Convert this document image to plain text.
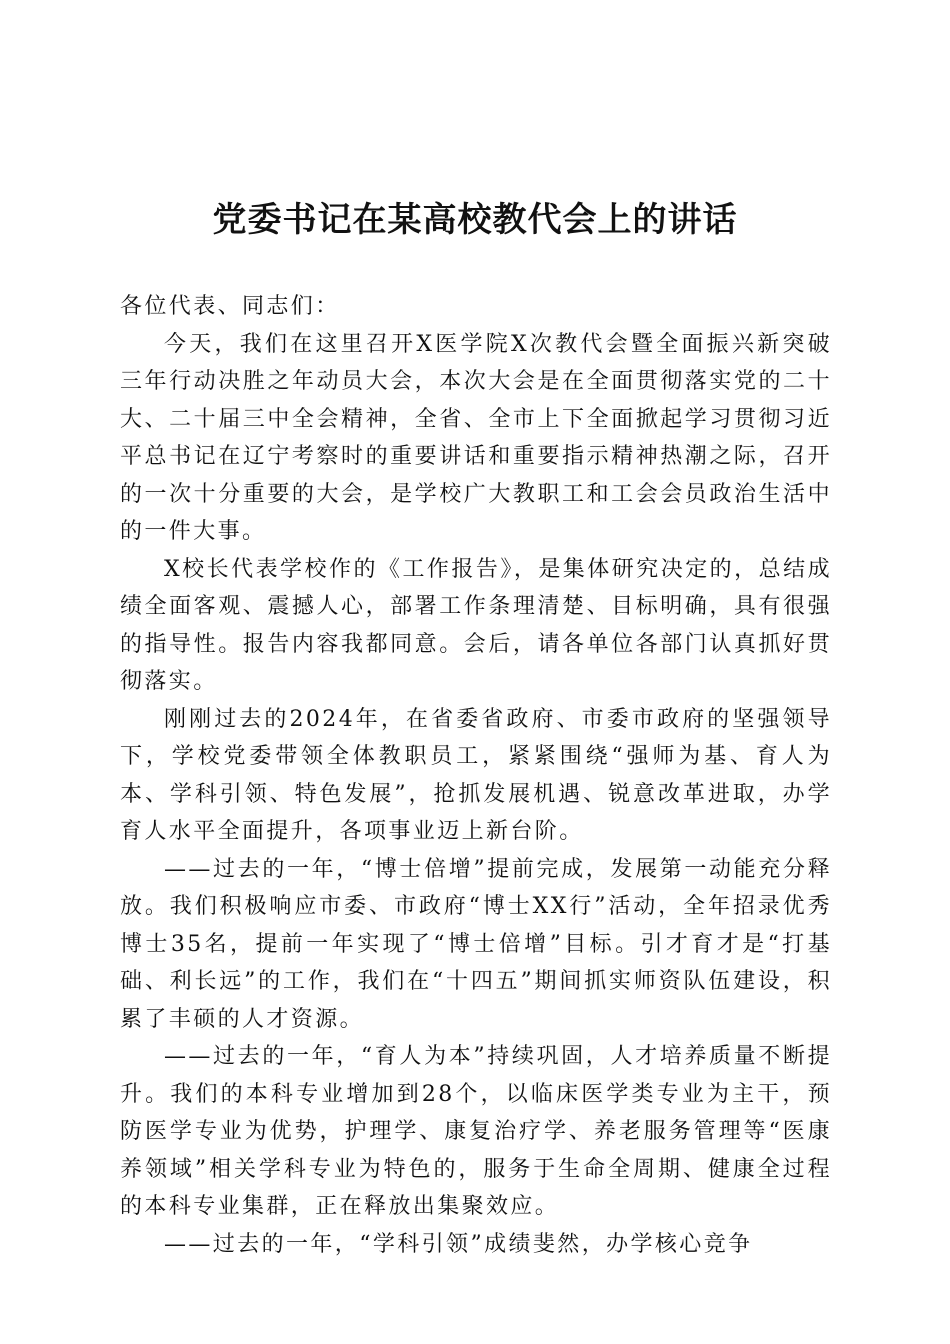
党委书记在某高校教代会上的讲话

各位代表、同志们：

今天，我们在这里召开X医学院X次教代会暨全面振兴新突破三年行动决胜之年动员大会，本次大会是在全面贯彻落实党的二十大、二十届三中全会精神，全省、全市上下全面掀起学习贯彻习近平总书记在辽宁考察时的重要讲话和重要指示精神热潮之际，召开的一次十分重要的大会，是学校广大教职工和工会会员政治生活中的一件大事。

X校长代表学校作的《工作报告》，是集体研究决定的，总结成绩全面客观、震撼人心，部署工作条理清楚、目标明确，具有很强的指导性。报告内容我都同意。会后，请各单位各部门认真抓好贯彻落实。

刚刚过去的2024年，在省委省政府、市委市政府的坚强领导下，学校党委带领全体教职员工，紧紧围绕“强师为基、育人为本、学科引领、特色发展”，抢抓发展机遇、锐意改革进取，办学育人水平全面提升，各项事业迈上新台阶。

——过去的一年，“博士倍增”提前完成，发展第一动能充分释放。我们积极响应市委、市政府“博士XX行”活动，全年招录优秀博士35名，提前一年实现了“博士倍增”目标。引才育才是“打基础、利长远”的工作，我们在“十四五”期间抓实师资队伍建设，积累了丰硕的人才资源。

——过去的一年，“育人为本”持续巩固，人才培养质量不断提升。我们的本科专业增加到28个，以临床医学类专业为主干，预防医学专业为优势，护理学、康复治疗学、养老服务管理等“医康养领域”相关学科专业为特色的，服务于生命全周期、健康全过程的本科专业集群，正在释放出集聚效应。

——过去的一年，“学科引领”成绩斐然，办学核心竞争
